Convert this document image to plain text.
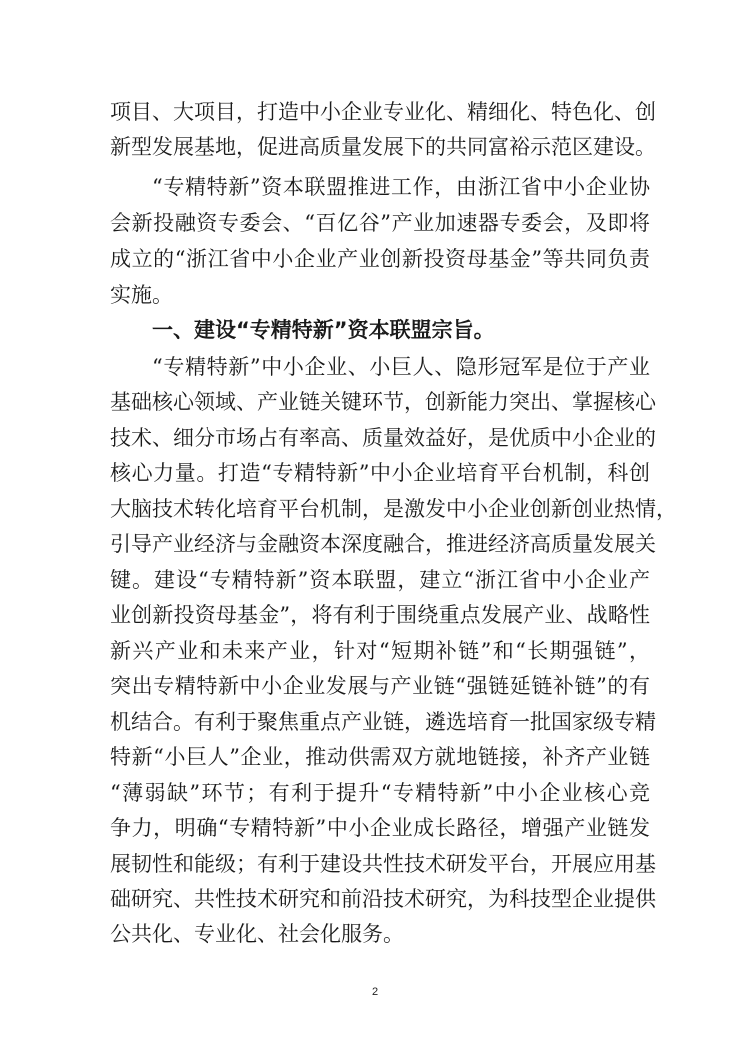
项目、大项目，打造中小企业专业化、精细化、特色化、创
新型发展基地，促进高质量发展下的共同富裕示范区建设。
“专精特新”资本联盟推进工作，由浙江省中小企业协
会新投融资专委会、“百亿谷”产业加速器专委会，及即将
成立的“浙江省中小企业产业创新投资母基金”等共同负责
实施。
一、建设“专精特新”资本联盟宗旨。
“专精特新”中小企业、小巨人、隐形冠军是位于产业
基础核心领域、产业链关键环节，创新能力突出、掌握核心
技术、细分市场占有率高、质量效益好，是优质中小企业的
核心力量。打造“专精特新”中小企业培育平台机制，科创
大脑技术转化培育平台机制，是激发中小企业创新创业热情，
引导产业经济与金融资本深度融合，推进经济高质量发展关
键。建设“专精特新”资本联盟，建立“浙江省中小企业产
业创新投资母基金”，将有利于围绕重点发展产业、战略性
新兴产业和未来产业，针对“短期补链”和“长期强链”，
突出专精特新中小企业发展与产业链“强链延链补链”的有
机结合。有利于聚焦重点产业链，遴选培育一批国家级专精
特新“小巨人”企业，推动供需双方就地链接，补齐产业链
“薄弱缺”环节；有利于提升“专精特新”中小企业核心竞
争力，明确“专精特新”中小企业成长路径，增强产业链发
展韧性和能级；有利于建设共性技术研发平台，开展应用基
础研究、共性技术研究和前沿技术研究，为科技型企业提供
公共化、专业化、社会化服务。
2
